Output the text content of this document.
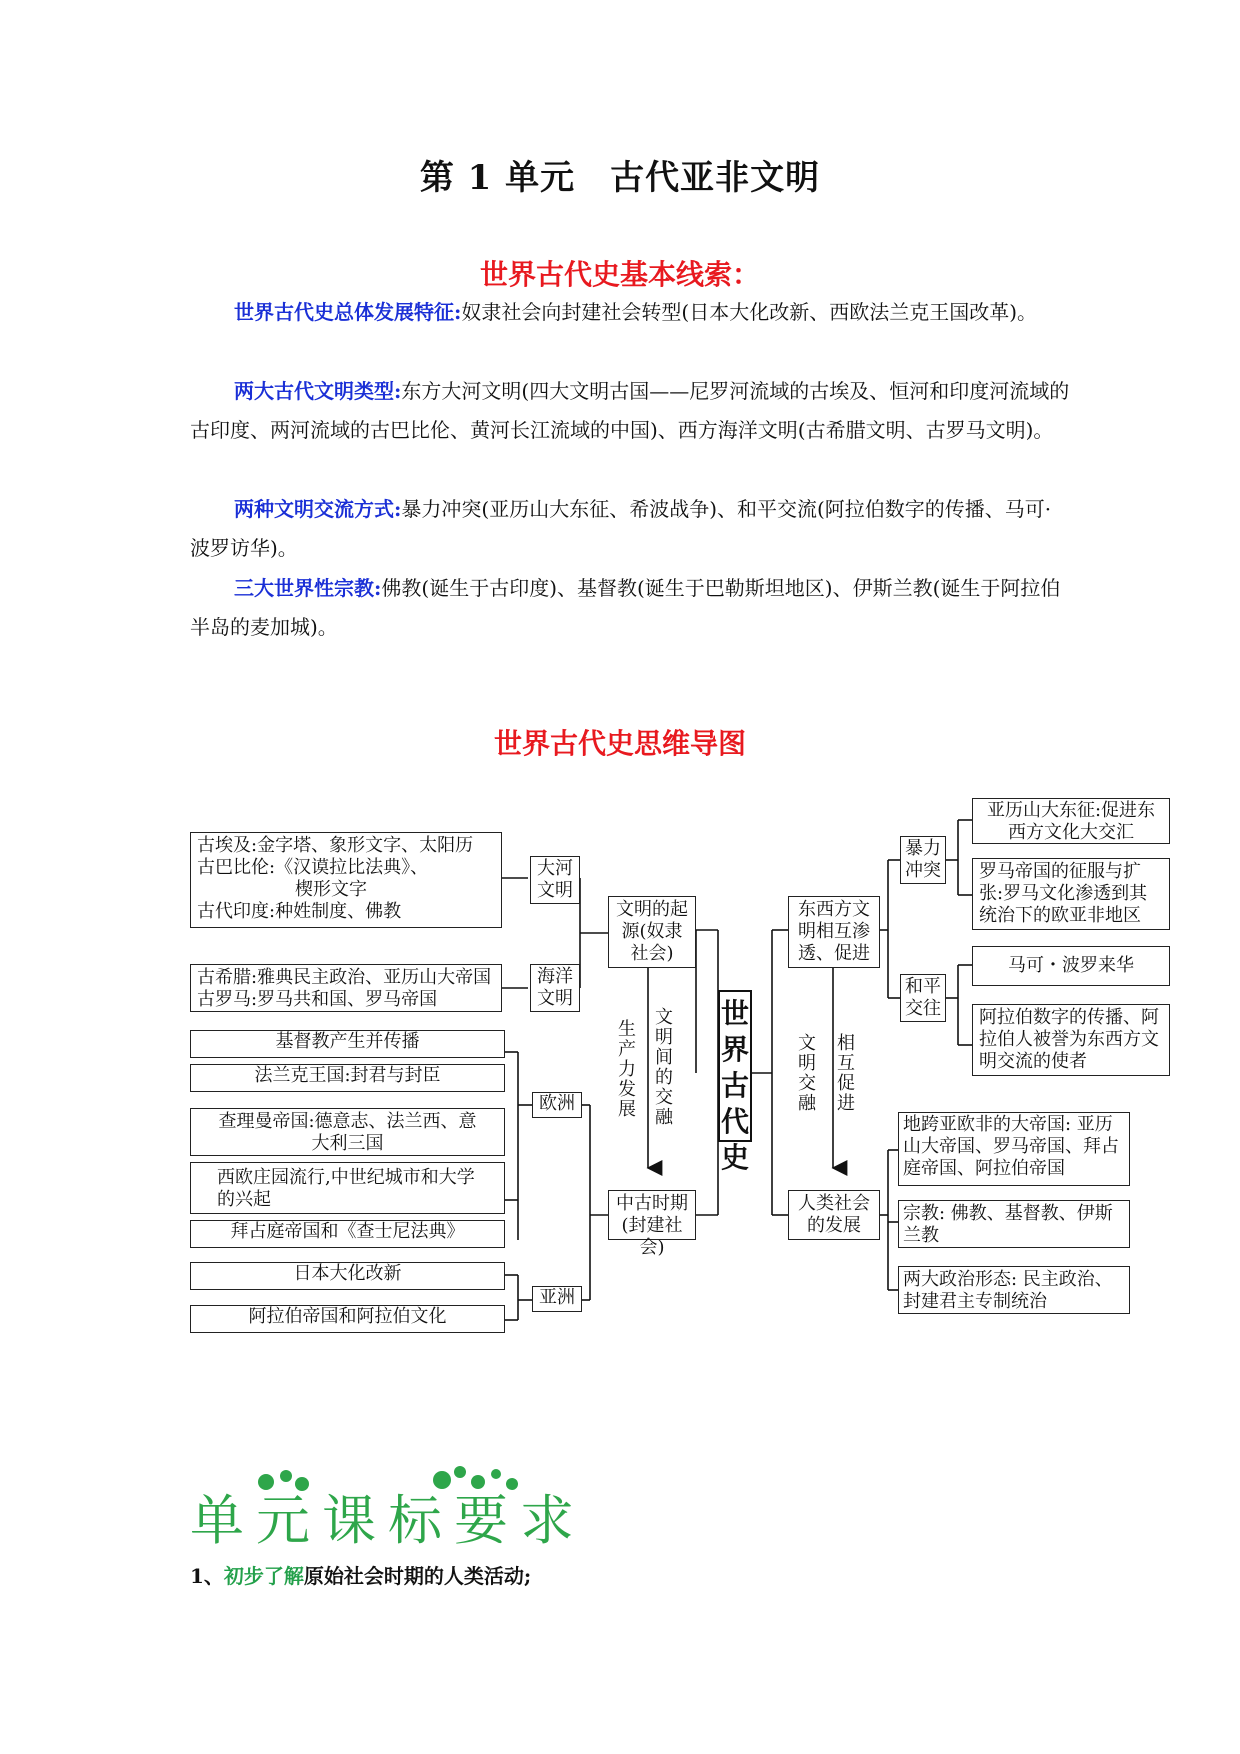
第 1 单元　古代亚非文明
世界古代史基本线索：
世界古代史总体发展特征:奴隶社会向封建社会转型(日本大化改新、西欧法兰克王国改革)。
两大古代文明类型:东方大河文明(四大文明古国——尼罗河流域的古埃及、恒河和印度河流域的古印度、两河流域的古巴比伦、黄河长江流域的中国)、西方海洋文明(古希腊文明、古罗马文明)。
两种文明交流方式:暴力冲突(亚历山大东征、希波战争)、和平交流(阿拉伯数字的传播、马可·波罗访华)。
三大世界性宗教:佛教(诞生于古印度)、基督教(诞生于巴勒斯坦地区)、伊斯兰教(诞生于阿拉伯半岛的麦加城)。
世界古代史思维导图
古埃及:金字塔、象形文字、太阳历
古巴比伦:《汉谟拉比法典》、
楔形文字
古代印度:种姓制度、佛教
大河文明
古希腊:雅典民主政治、亚历山大帝国
古罗马:罗马共和国、罗马帝国
海洋文明
文明的起源(奴隶社会)
生产力发展
文明间的交融
基督教产生并传播
法兰克王国:封君与封臣
查理曼帝国:德意志、法兰西、意大利三国
西欧庄园流行,中世纪城市和大学的兴起
拜占庭帝国和《查士尼法典》
欧洲
日本大化改新
阿拉伯帝国和阿拉伯文化
亚洲
中古时期(封建社会)
世界古代史
东西方文明相互渗透、促进
文明交融
相互促进
暴力冲突
亚历山大东征:促进东西方文化大交汇
罗马帝国的征服与扩张:罗马文化渗透到其统治下的欧亚非地区
和平交往
马可・波罗来华
阿拉伯数字的传播、阿拉伯人被誉为东西方文明交流的使者
人类社会的发展
地跨亚欧非的大帝国: 亚历山大帝国、罗马帝国、拜占庭帝国、阿拉伯帝国
宗教: 佛教、基督教、伊斯兰教
两大政治形态: 民主政治、封建君主专制统治
单元课标要求
1、初步了解原始社会时期的人类活动;
